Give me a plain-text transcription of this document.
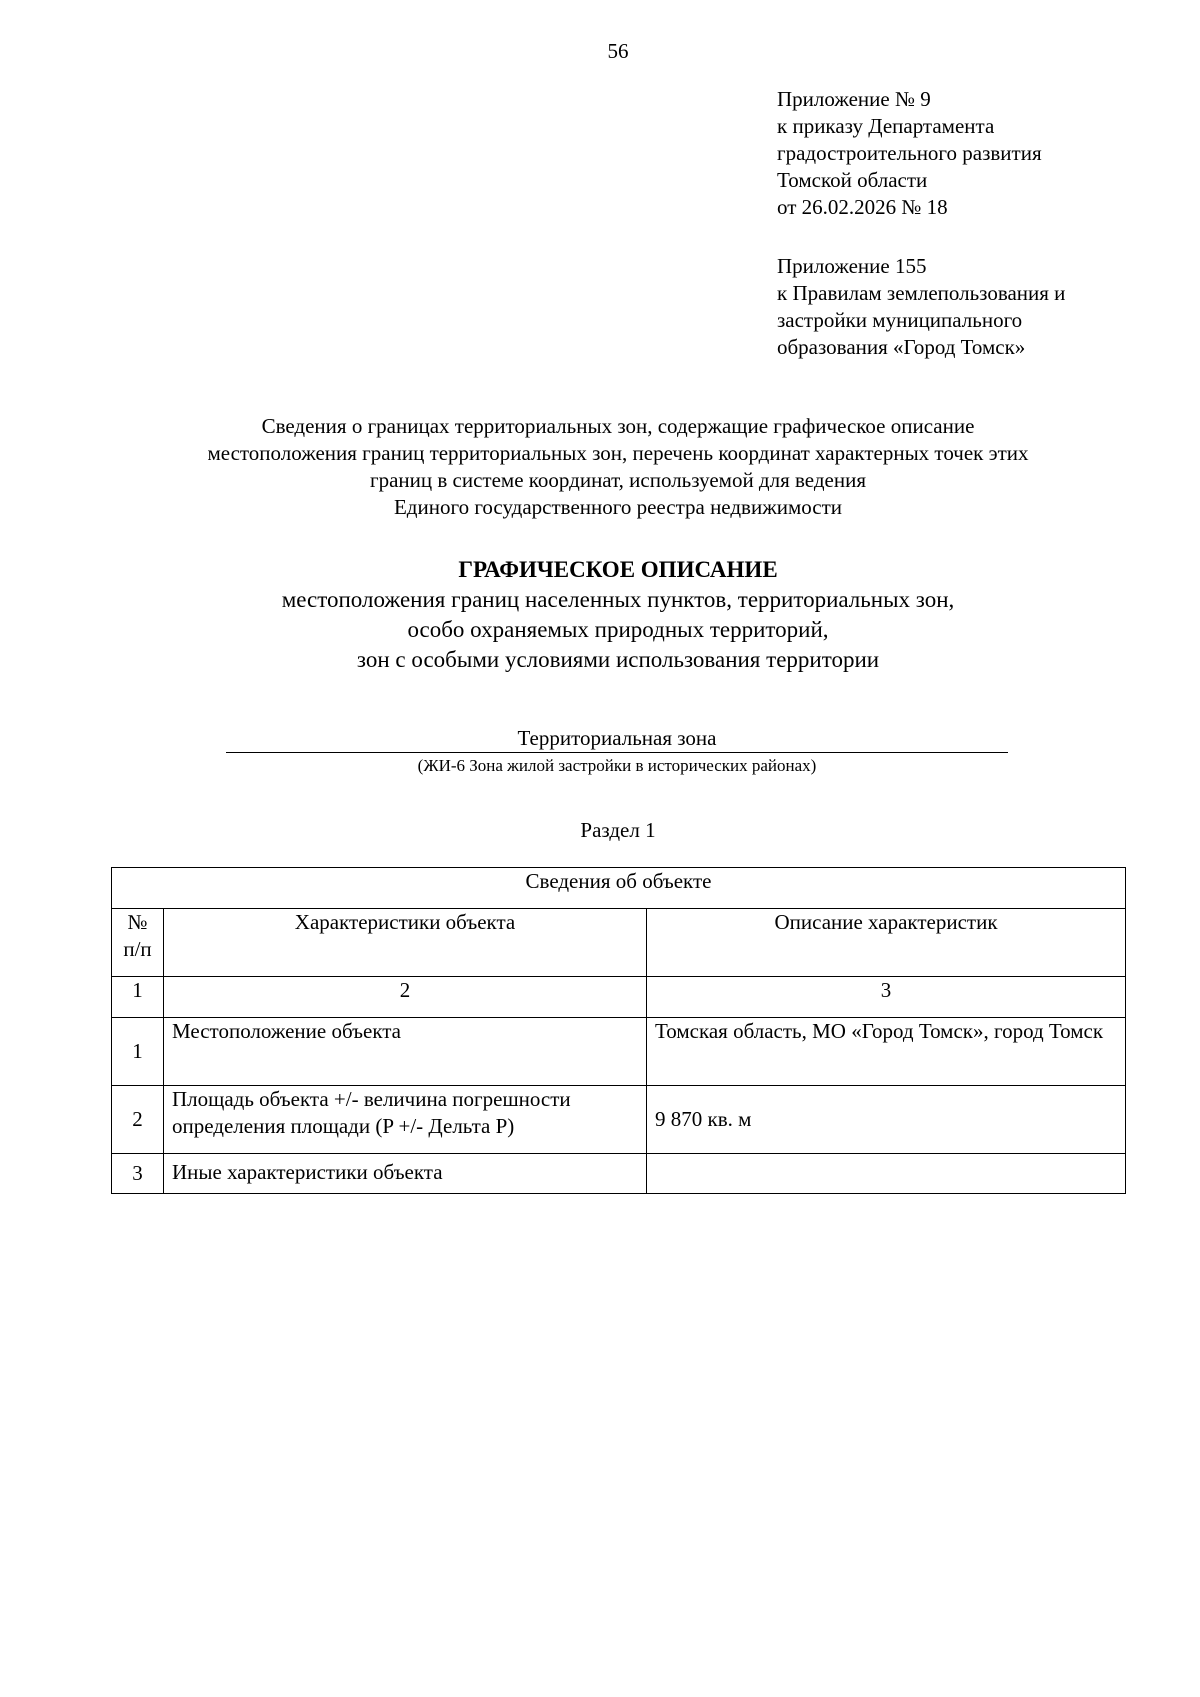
56
Приложение № 9
к приказу Департамента
градостроительного развития
Томской области
от 26.02.2026 № 18
Приложение 155
к Правилам землепользования и
застройки муниципального
образования «Город Томск»
Сведения о границах территориальных зон, содержащие графическое описание
местоположения границ территориальных зон, перечень координат характерных точек этих
границ в системе координат, используемой для ведения
Единого государственного реестра недвижимости
ГРАФИЧЕСКОЕ ОПИСАНИЕ
местоположения границ населенных пунктов, территориальных зон,
особо охраняемых природных территорий,
зон с особыми условиями использования территории
Территориальная зона
(ЖИ-6 Зона жилой застройки в исторических районах)
Раздел 1
Сведения об объекте		

№
п/п	Характеристики объекта	Описание характеристик
1	2	3
1	Местоположение объекта	Томская область, МО «Город Томск», город Томск
2	Площадь объекта +/- величина погрешности определения площади (P +/- Дельта P)	9 870 кв. м
3	Иные характеристики объекта	
